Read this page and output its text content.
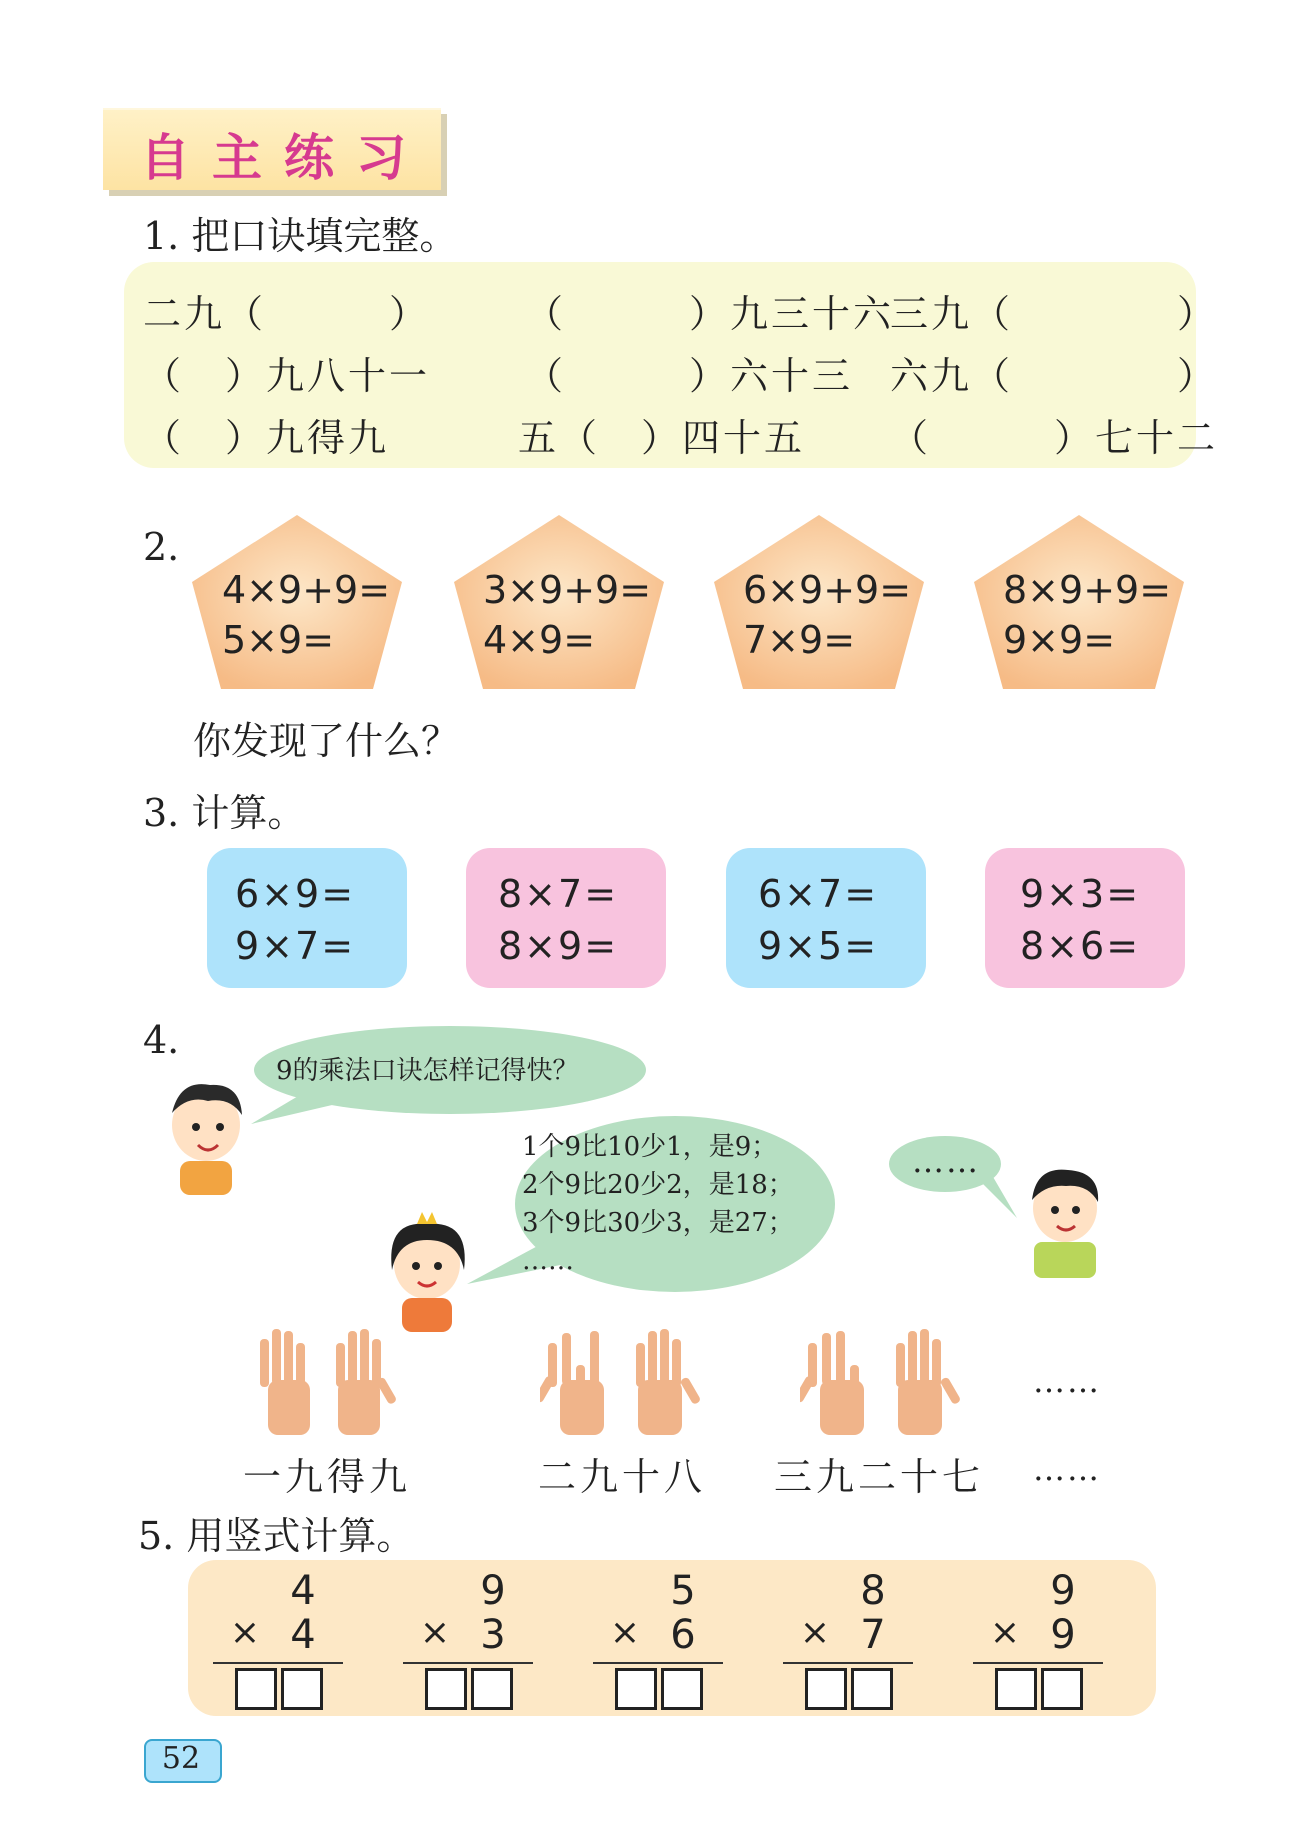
自主练习
1. 把口诀填完整。
二九（　　　） （　　　）九三十六
三九（　　　　）
（　）九八十一 （　　　）六十三 六九（　　　　）
（　）九得九	五（　）四十五 （　　　）七十二
2.
4×9+9=
5×9=
3×9+9=
4×9=
6×9+9=
7×9=
8×9+9=
9×9=
你发现了什么？
3. 计算。
6×9=
9×7=
8×7=
8×9=
6×7=
9×5=
9×3=
8×6=
4.
9的乘法口诀怎样记得快？
1个9比10少1，是9；
2个9比20少2，是18；
3个9比30少3，是27；
……
……
……
一九得九	二九十八 三九二十七 ……
5. 用竖式计算。
4
× 4
9
× 3
5
× 6
8
× 7
9
× 9
52
